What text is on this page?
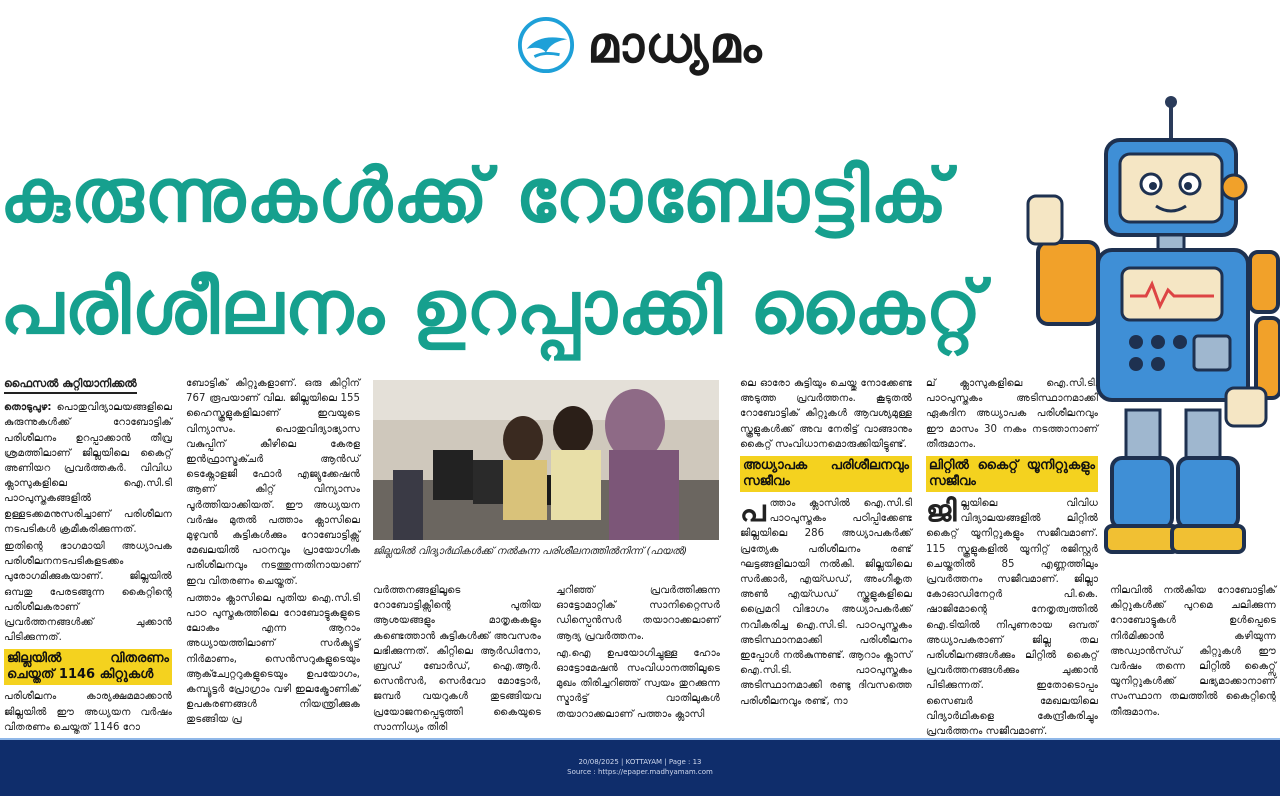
മാധ്യമം
കുരുന്നുകൾക്ക് റോബോട്ടിക്
പരിശീലനം ഉറപ്പാക്കി കൈറ്റ്
ഫൈസൽ കുറ്റിയാനിക്കൽ

തൊടുപുഴ: പൊതുവിദ്യാലയങ്ങളിലെ കുരുന്നുകൾക്ക് റോബോട്ടിക് പരിശീലനം ഉറപ്പാക്കാൻ തീവ്ര ശ്രമത്തിലാണ് ജില്ലയിലെ കൈറ്റ് അണിയറ പ്രവർത്തകർ. വിവിധ ക്ലാസുകളിലെ ഐ.സി.ടി പാഠപുസ്തകങ്ങളിൽ ഉള്ളടക്കമനുസരിച്ചാണ് പരിശീലന നടപടികൾ ക്രമീകരിക്കുന്നത്.

ഇതിന്റെ ഭാഗമായി അധ്യാപക പരിശീലനനടപടികളടക്കം പുരോഗമിക്കുകയാണ്. ജില്ലയിൽ ഒമ്പതു പേരടങ്ങുന്ന കൈറ്റിന്റെ പരിശീലകരാണ് പ്രവർത്തനങ്ങൾക്ക് ചുക്കാൻ പിടിക്കുന്നത്.

ജില്ലയിൽ വിതരണം ചെയ്തത് 1146 കിറ്റുകൾ

പരിശീലനം കാര്യക്ഷമമാക്കാൻ ജില്ലയിൽ ഈ അധ്യയന വർഷം വിതരണം ചെയ്തത് 1146 റോ

ബോട്ടിക് കിറ്റുകളാണ്. ഒരു കിറ്റിന് 767 രൂപയാണ് വില. ജില്ലയിലെ 155 ഹൈസ്കൂളുകളിലാണ് ഇവയുടെ വിന്യാസം. പൊതുവിദ്യാഭ്യാസ വകുപ്പിന് കീഴിലെ കേരള ഇൻഫ്രാസ്ട്രക്ചർ ആൻഡ് ടെക്നോളജി ഫോർ എജ്യുക്കേഷൻ ആണ് കിറ്റ് വിന്യാസം പൂർത്തിയാക്കിയത്. ഈ അധ്യയന വർഷം മുതൽ പത്താം ക്ലാസിലെ മുഴുവൻ കുട്ടികൾക്കും റോബോട്ടിക്സ് മേഖലയിൽ പഠനവും പ്രായോഗിക പരിശീലനവും നടത്തുന്നതിനായാണ് ഇവ വിതരണം ചെയ്തത്.

പത്താം ക്ലാസിലെ പുതിയ ഐ.സി.ടി പാഠ പുസ്തകത്തിലെ റോബോട്ടുകളുടെ ലോകം എന്ന ആറാം അധ്യായത്തിലാണ് സർക്യൂട്ട് നിർമാണം, സെൻസറുകളുടെയും ആക്ച്വേറ്ററുകളുടെയും ഉപയോഗം, കമ്പ്യൂട്ടർ പ്രോഗ്രാം വഴി ഇലക്ട്രോണിക് ഉപകരണങ്ങൾ നിയന്ത്രിക്കുക തുടങ്ങിയ പ്ര

ജില്ലയിൽ വിദ്യാർഥികൾക്ക് നൽകുന്ന പരിശീലനത്തിൽനിന്ന് (ഫയൽ)

വർത്തനങ്ങളിലൂടെ റോബോട്ടിക്സിന്റെ പുതിയ ആശയങ്ങളും മാതൃകകളും കണ്ടെത്താൻ കുട്ടികൾക്ക് അവസരം ലഭിക്കുന്നത്. കിറ്റിലെ ആർഡിനോ, ബ്രഡ് ബോർഡ്, ഐ.ആർ. സെൻസർ, സെർവോ മോട്ടോർ, ജമ്പർ വയറുകൾ തുടങ്ങിയവ പ്രയോജനപ്പെടുത്തി കൈയുടെ സാന്നിധ്യം തിരി

ച്ചറിഞ്ഞ് പ്രവർത്തിക്കുന്ന ഓട്ടോമാറ്റിക് സാനിറ്റൈസർ ഡിസ്പെൻസർ തയാറാക്കലാണ് ആദ്യ പ്രവർത്തനം.

എ.ഐ ഉപയോഗിച്ചുള്ള ഹോം ഓട്ടോമേഷൻ സംവിധാനത്തിലൂടെ മുഖം തിരിച്ചറിഞ്ഞ് സ്വയം തുറക്കുന്ന സ്മാർട്ട് വാതിലുകൾ തയാറാക്കലാണ് പത്താം ക്ലാസി

ലെ ഓരോ കുട്ടിയും ചെയ്തു നോക്കേണ്ട അടുത്ത പ്രവർത്തനം. കൂടുതൽ റോബോട്ടിക് കിറ്റുകൾ ആവശ്യമുള്ള സ്കൂളുകൾക്ക് അവ നേരിട്ട് വാങ്ങാനും കൈറ്റ് സംവിധാനമൊരുക്കിയിട്ടുണ്ട്.

അധ്യാപക പരിശീലനവും സജീവം

പത്താം ക്ലാസിൽ ഐ.സി.ടി പാഠപുസ്തകം പഠിപ്പിക്കേണ്ട ജില്ലയിലെ 286 അധ്യാപകർക്ക് പ്രത്യേക പരിശീലനം രണ്ട് ഘട്ടങ്ങളിലായി നൽകി. ജില്ലയിലെ സർക്കാർ, എയ്ഡഡ്, അംഗീകൃത അൺ എയ്ഡഡ് സ്കൂളുകളിലെ പ്രൈമറി വിഭാഗം അധ്യാപകർക്ക് നവീകരിച്ച ഐ.സി.ടി. പാഠപുസ്തകം അടിസ്ഥാനമാക്കി പരിശീലനം ഇപ്പോൾ നൽകുന്നുണ്ട്. ആറാം ക്ലാസ് ഐ.സി.ടി. പാഠപുസ്തകം അടിസ്ഥാനമാക്കി രണ്ടു ദിവസത്തെ പരിശീലനവും രണ്ട്, നാ

ല് ക്ലാസുകളിലെ ഐ.സി.ടി. പാഠപുസ്തകം അടിസ്ഥാനമാക്കി ഏകദിന അധ്യാപക പരിശീലനവും ഈ മാസം 30 നകം നടത്താനാണ് തീരുമാനം.

ലിറ്റിൽ കൈറ്റ് യൂനിറ്റുകളും സജീവം

ജില്ലയിലെ വിവിധ വിദ്യാലയങ്ങളിൽ ലിറ്റിൽ കൈറ്റ് യൂനിറ്റുകളും സജീവമാണ്. 115 സ്കൂളുകളിൽ യൂനിറ്റ് രജിസ്റ്റർ ചെയ്തതിൽ 85 എണ്ണത്തിലും പ്രവർത്തനം സജീവമാണ്. ജില്ലാ കോഓഡിനേറ്റർ പി.കെ. ഷാജിമോന്റെ നേതൃത്വത്തിൽ ഐ.ടിയിൽ നിപുണരായ ഒമ്പത് അധ്യാപകരാണ് ജില്ല തല പരിശീലനങ്ങൾക്കും ലിറ്റിൽ കൈറ്റ് പ്രവർത്തനങ്ങൾക്കും ചുക്കാൻ പിടിക്കുന്നത്. ഇതോടൊപ്പം സൈബർ മേഖലയിലെ വിദ്യാർഥികളെ കേന്ദ്രീകരിച്ചും പ്രവർത്തനം സജീവമാണ്.

നിലവിൽ നൽകിയ റോബോട്ടിക് കിറ്റുകൾക്ക് പുറമെ ചലിക്കുന്ന റോബോട്ടുകൾ ഉൾപ്പെടെ നിർമിക്കാൻ കഴിയുന്ന അഡ്വാൻസ്ഡ് കിറ്റുകൾ ഈ വർഷം തന്നെ ലിറ്റിൽ കൈറ്റ്സ് യൂനിറ്റുകൾക്ക് ലഭ്യമാക്കാനാണ് സംസ്ഥാന തലത്തിൽ കൈറ്റിന്റെ തീരുമാനം.

20/08/2025 | KOTTAYAM | Page : 13
Source : https://epaper.madhyamam.com
